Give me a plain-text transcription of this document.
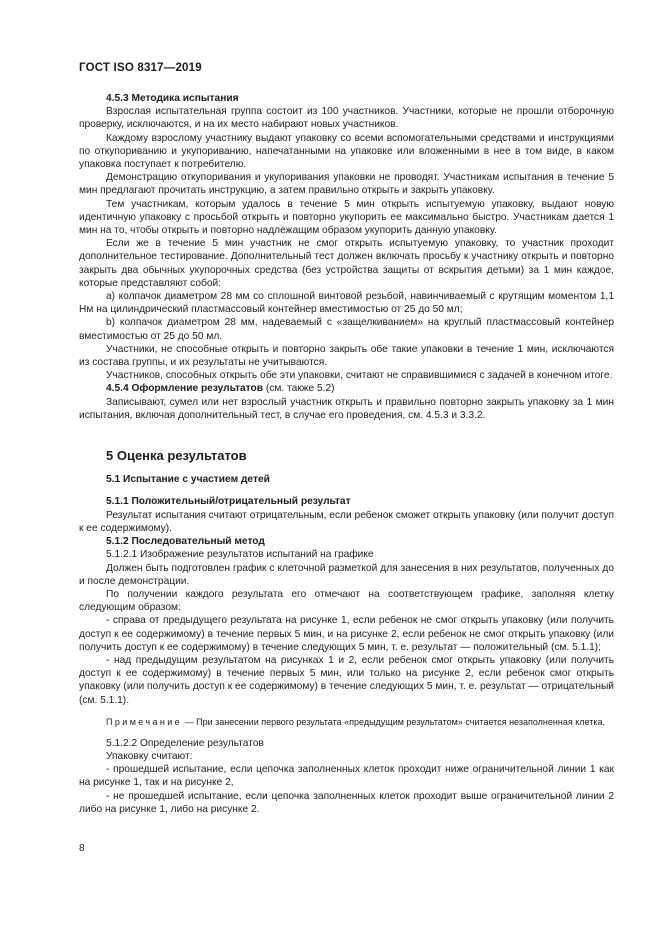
ГОСТ ISO 8317—2019

4.5.3 Методика испытания

Взрослая испытательная группа состоит из 100 участников. Участники, которые не прошли отборочную проверку, исключаются, и на их место набирают новых участников.

Каждому взрослому участнику выдают упаковку со всеми вспомогательными средствами и инструкциями по откупориванию и укупориванию, напечатанными на упаковке или вложенными в нее в том виде, в каком упаковка поступает к потребителю.

Демонстрацию откупоривания и укупоривания упаковки не проводят. Участникам испытания в течение 5 мин предлагают прочитать инструкцию, а затем правильно открыть и закрыть упаковку.

Тем участникам, которым удалось в течение 5 мин открыть испытуемую упаковку, выдают новую идентичную упаковку с просьбой открыть и повторно укупорить ее максимально быстро. Участникам дается 1 мин на то, чтобы открыть и повторно надлежащим образом укупорить данную упаковку.

Если же в течение 5 мин участник не смог открыть испытуемую упаковку, то участник проходит дополнительное тестирование. Дополнительный тест должен включать просьбу к участнику открыть и повторно закрыть два обычных укупорочных средства (без устройства защиты от вскрытия детьми) за 1 мин каждое, которые представляют собой:

а) колпачок диаметром 28 мм со сплошной винтовой резьбой, навинчиваемый с крутящим моментом 1,1 Нм на цилиндрический пластмассовый контейнер вместимостью от 25 до 50 мл;

b) колпачок диаметром 28 мм, надеваемый с «защелкиванием» на круглый пластмассовый контейнер вместимостью от 25 до 50 мл.

Участники, не способные открыть и повторно закрыть обе такие упаковки в течение 1 мин, исключаются из состава группы, и их результаты не учитываются.

Участников, способных открыть обе эти упаковки, считают не справившимися с задачей в конечном итоге.

4.5.4 Оформление результатов (см. также 5.2)

Записывают, сумел или нет взрослый участник открыть и правильно повторно закрыть упаковку за 1 мин испытания, включая дополнительный тест, в случае его проведения, см. 4.5.3 и 3.3.2.

5 Оценка результатов

5.1 Испытание с участием детей

5.1.1 Положительный/отрицательный результат

Результат испытания считают отрицательным, если ребенок сможет открыть упаковку (или получит доступ к ее содержимому).

5.1.2 Последовательный метод

5.1.2.1 Изображение результатов испытаний на графике

Должен быть подготовлен график с клеточной разметкой для занесения в них результатов, полученных до и после демонстрации.

По получении каждого результата его отмечают на соответствующем графике, заполняя клетку следующим образом:

- справа от предыдущего результата на рисунке 1, если ребенок не смог открыть упаковку (или получить доступ к ее содержимому) в течение первых 5 мин, и на рисунке 2, если ребенок не смог открыть упаковку (или получить доступ к ее содержимому) в течение следующих 5 мин, т. е. результат — положительный (см. 5.1.1);

- над предыдущим результатом на рисунках 1 и 2, если ребенок смог открыть упаковку (или получить доступ к ее содержимому) в течение первых 5 мин, или только на рисунке 2, если ребенок смог открыть упаковку (или получить доступ к ее содержимому) в течение следующих 5 мин, т. е. результат — отрицательный (см. 5.1.1).

Примечание — При занесении первого результата «предыдущим результатом» считается незаполненная клетка.

5.1.2.2 Определение результатов

Упаковку считают:

- прошедшей испытание, если цепочка заполненных клеток проходит ниже ограничительной линии 1 как на рисунке 1, так и на рисунке 2,

- не прошедшей испытание, если цепочка заполненных клеток проходит выше ограничительной линии 2 либо на рисунке 1, либо на рисунке 2.

8
